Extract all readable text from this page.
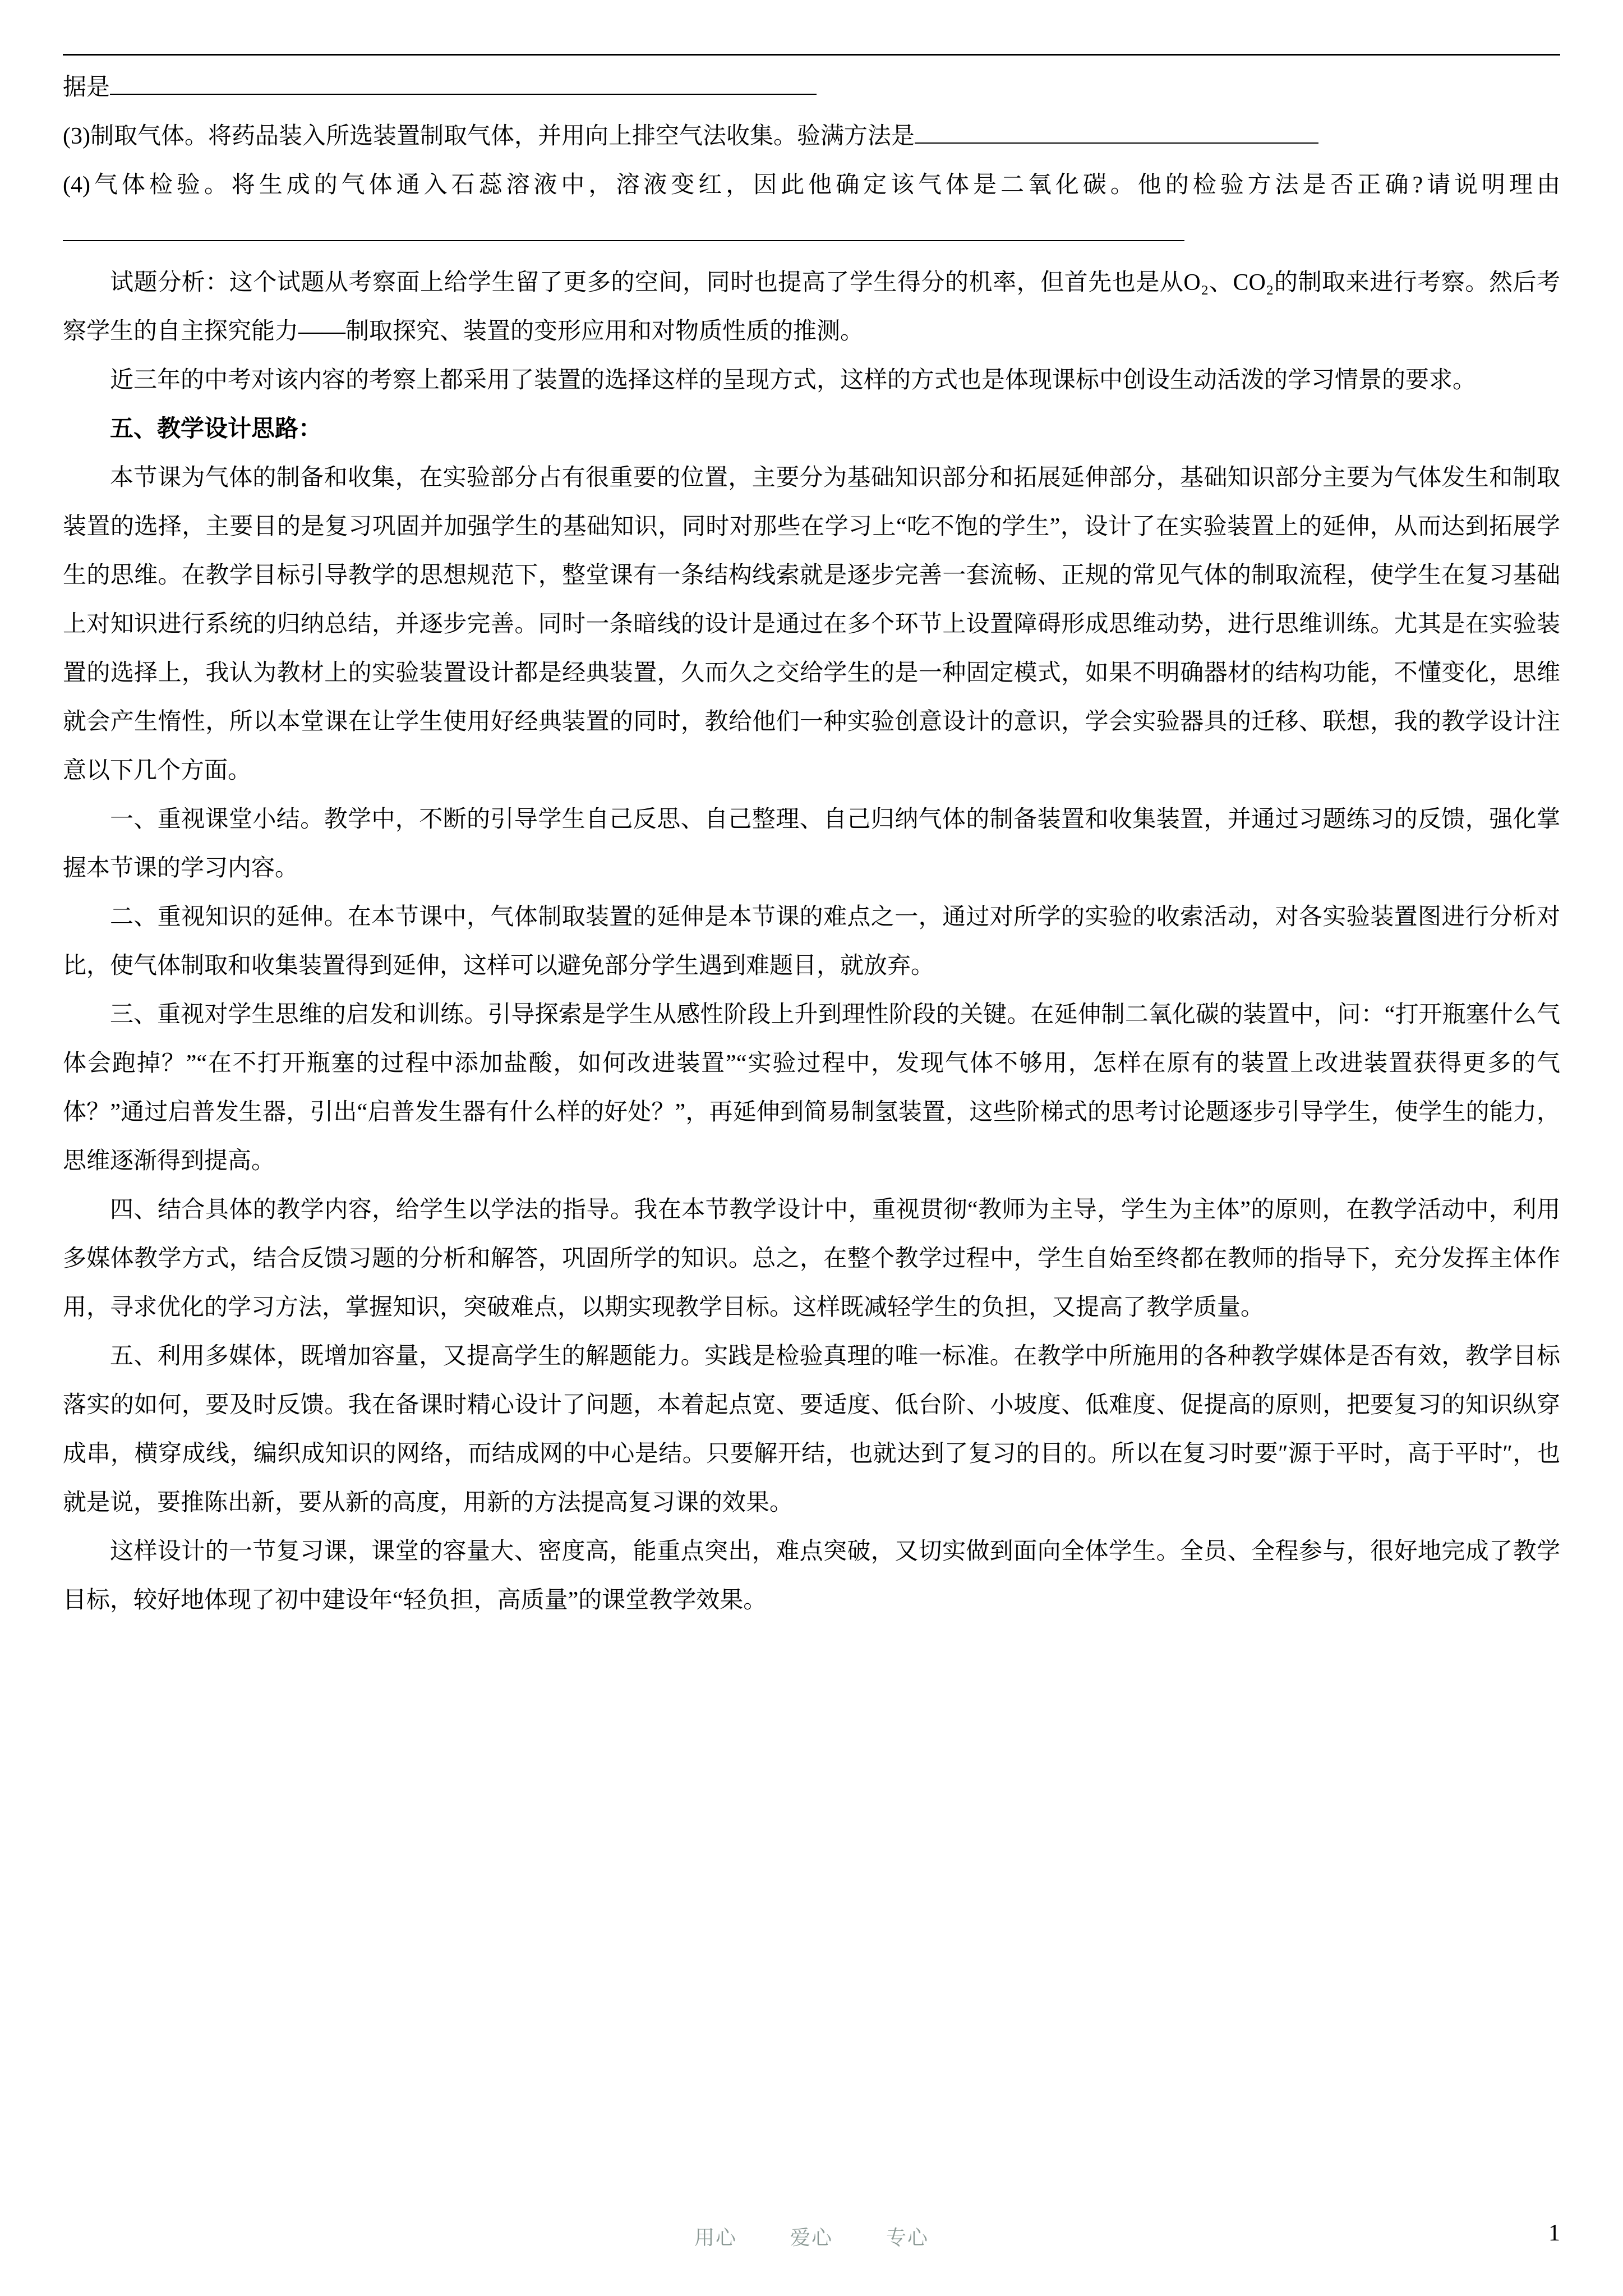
据是

(3)制取气体。将药品装入所选装置制取气体，并用向上排空气法收集。验满方法是

(4)气体检验。将生成的气体通入石蕊溶液中，溶液变红，因此他确定该气体是二氧化碳。他的检验方法是否正确?请说明理由

试题分析：这个试题从考察面上给学生留了更多的空间，同时也提高了学生得分的机率，但首先也是从O₂、CO₂的制取来进行考察。然后考察学生的自主探究能力——制取探究、装置的变形应用和对物质性质的推测。

近三年的中考对该内容的考察上都采用了装置的选择这样的呈现方式，这样的方式也是体现课标中创设生动活泼的学习情景的要求。

五、教学设计思路：

本节课为气体的制备和收集，在实验部分占有很重要的位置，主要分为基础知识部分和拓展延伸部分，基础知识部分主要为气体发生和制取装置的选择，主要目的是复习巩固并加强学生的基础知识，同时对那些在学习上“吃不饱的学生”，设计了在实验装置上的延伸，从而达到拓展学生的思维。在教学目标引导教学的思想规范下，整堂课有一条结构线索就是逐步完善一套流畅、正规的常见气体的制取流程，使学生在复习基础上对知识进行系统的归纳总结，并逐步完善。同时一条暗线的设计是通过在多个环节上设置障碍形成思维动势，进行思维训练。尤其是在实验装置的选择上，我认为教材上的实验装置设计都是经典装置，久而久之交给学生的是一种固定模式，如果不明确器材的结构功能，不懂变化，思维就会产生惰性，所以本堂课在让学生使用好经典装置的同时，教给他们一种实验创意设计的意识，学会实验器具的迁移、联想，我的教学设计注意以下几个方面。

一、重视课堂小结。教学中，不断的引导学生自己反思、自己整理、自己归纳气体的制备装置和收集装置，并通过习题练习的反馈，强化掌握本节课的学习内容。

二、重视知识的延伸。在本节课中，气体制取装置的延伸是本节课的难点之一，通过对所学的实验的收索活动，对各实验装置图进行分析对比，使气体制取和收集装置得到延伸，这样可以避免部分学生遇到难题目，就放弃。

三、重视对学生思维的启发和训练。引导探索是学生从感性阶段上升到理性阶段的关键。在延伸制二氧化碳的装置中，问：“打开瓶塞什么气体会跑掉？”“在不打开瓶塞的过程中添加盐酸，如何改进装置”“实验过程中，发现气体不够用，怎样在原有的装置上改进装置获得更多的气体？”通过启普发生器，引出“启普发生器有什么样的好处？”，再延伸到简易制氢装置，这些阶梯式的思考讨论题逐步引导学生，使学生的能力，思维逐渐得到提高。

四、结合具体的教学内容，给学生以学法的指导。我在本节教学设计中，重视贯彻“教师为主导，学生为主体”的原则，在教学活动中，利用多媒体教学方式，结合反馈习题的分析和解答，巩固所学的知识。总之，在整个教学过程中，学生自始至终都在教师的指导下，充分发挥主体作用，寻求优化的学习方法，掌握知识，突破难点，以期实现教学目标。这样既减轻学生的负担，又提高了教学质量。

五、利用多媒体，既增加容量，又提高学生的解题能力。实践是检验真理的唯一标准。在教学中所施用的各种教学媒体是否有效，教学目标落实的如何，要及时反馈。我在备课时精心设计了问题，本着起点宽、要适度、低台阶、小坡度、低难度、促提高的原则，把要复习的知识纵穿成串，横穿成线，编织成知识的网络，而结成网的中心是结。只要解开结，也就达到了复习的目的。所以在复习时要″源于平时，高于平时″，也就是说，要推陈出新，要从新的高度，用新的方法提高复习课的效果。

这样设计的一节复习课，课堂的容量大、密度高，能重点突出，难点突破，又切实做到面向全体学生。全员、全程参与，很好地完成了教学目标，较好地体现了初中建设年“轻负担，高质量”的课堂教学效果。

用心	爱心	专心	1
